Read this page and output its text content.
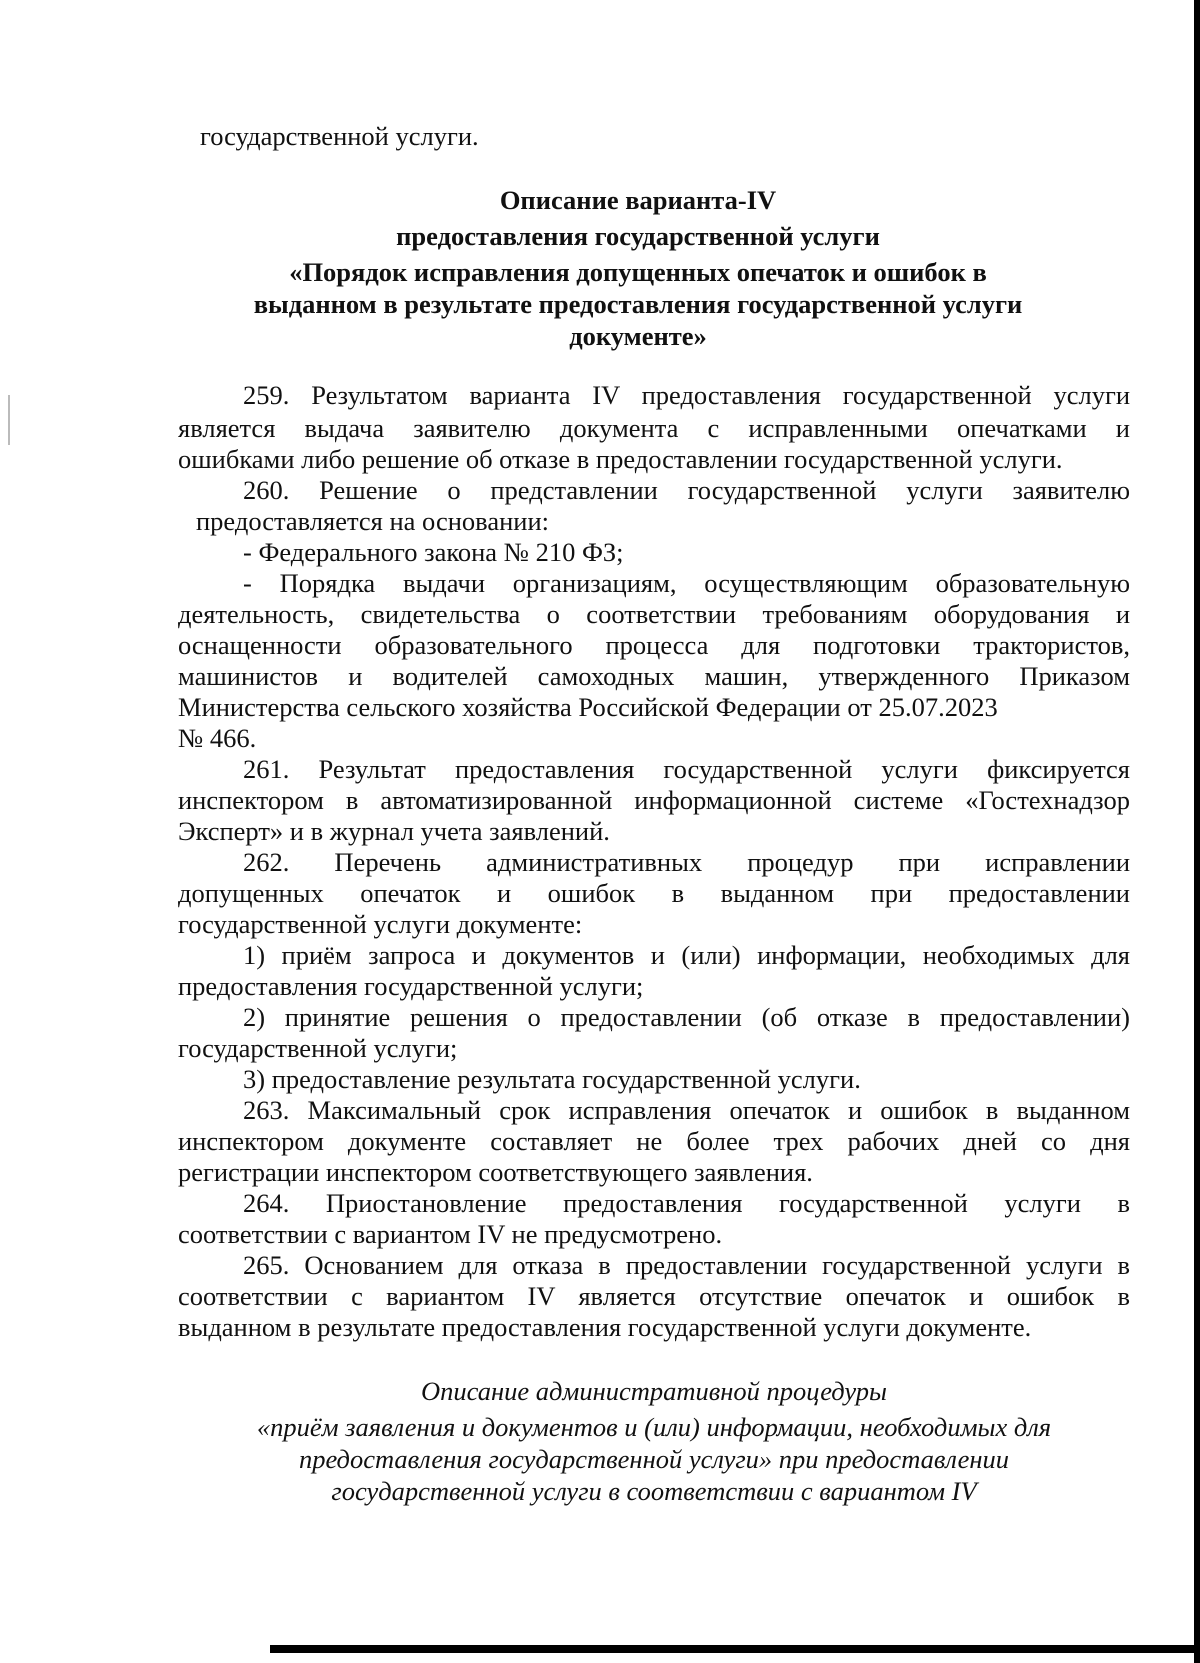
государственной услуги.
Описание варианта-IV
предоставления государственной услуги
«Порядок исправления допущенных опечаток и ошибок в
выданном в результате предоставления государственной услуги
документе»
259. Результатом варианта IV предоставления государственной услуги
является выдача заявителю документа с исправленными опечатками и
ошибками либо решение об отказе в предоставлении государственной услуги.
260. Решение о представлении государственной услуги заявителю
предоставляется на основании:
- Федерального закона № 210 ФЗ;
- Порядка выдачи организациям, осуществляющим образовательную
деятельность, свидетельства о соответствии требованиям оборудования и
оснащенности образовательного процесса для подготовки трактористов,
машинистов и водителей самоходных машин, утвержденного Приказом
Министерства сельского хозяйства Российской Федерации от 25.07.2023
№ 466.
261. Результат предоставления государственной услуги фиксируется
инспектором в автоматизированной информационной системе «Гостехнадзор
Эксперт» и в журнал учета заявлений.
262. Перечень административных процедур при исправлении
допущенных опечаток и ошибок в выданном при предоставлении
государственной услуги документе:
1) приём запроса и документов и (или) информации, необходимых для
предоставления государственной услуги;
2) принятие решения о предоставлении (об отказе в предоставлении)
государственной услуги;
3) предоставление результата государственной услуги.
263. Максимальный срок исправления опечаток и ошибок в выданном
инспектором документе составляет не более трех рабочих дней со дня
регистрации инспектором соответствующего заявления.
264. Приостановление предоставления государственной услуги в
соответствии с вариантом IV не предусмотрено.
265. Основанием для отказа в предоставлении государственной услуги в
соответствии с вариантом IV является отсутствие опечаток и ошибок в
выданном в результате предоставления государственной услуги документе.
Описание административной процедуры
«приём заявления и документов и (или) информации, необходимых для
предоставления государственной услуги» при предоставлении
государственной услуги в соответствии с вариантом IV
